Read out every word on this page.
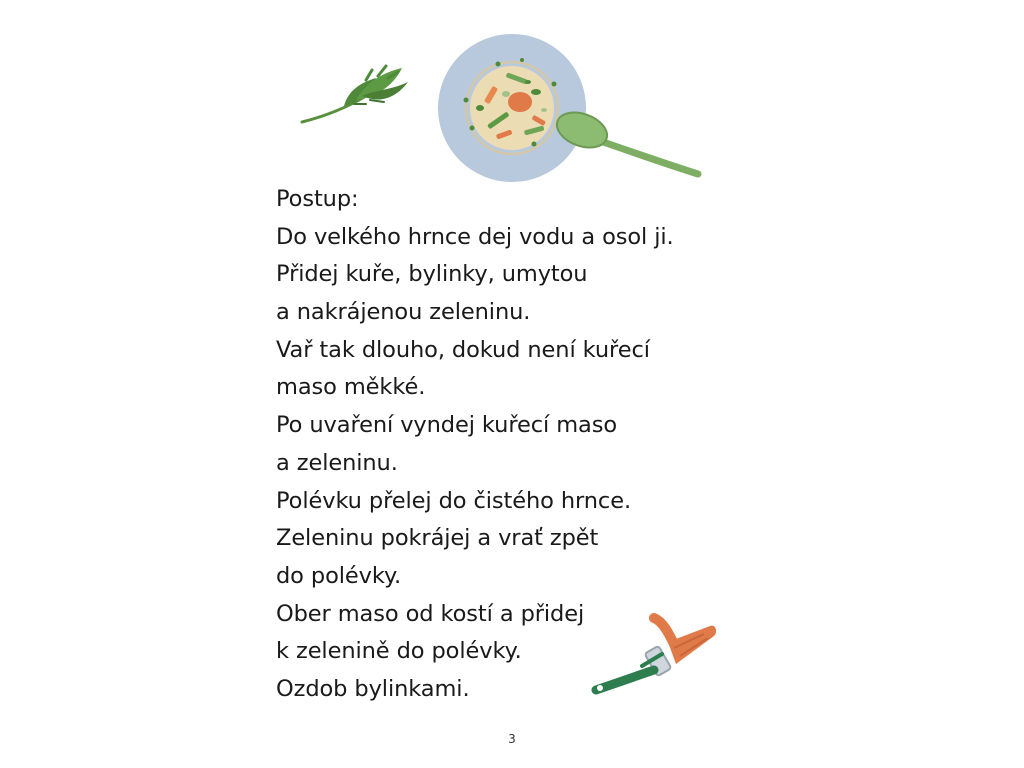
Postup:
Do velkého hrnce dej vodu a osol ji.
Přidej kuře, bylinky, umytou
a nakrájenou zeleninu.
Vař tak dlouho, dokud není kuřecí
maso měkké.
Po uvaření vyndej kuřecí maso
a zeleninu.
Polévku přelej do čistého hrnce.
Zeleninu pokrájej a vrať zpět
do polévky.
Ober maso od kostí a přidej
k zelenině do polévky.
Ozdob bylinkami.
3
